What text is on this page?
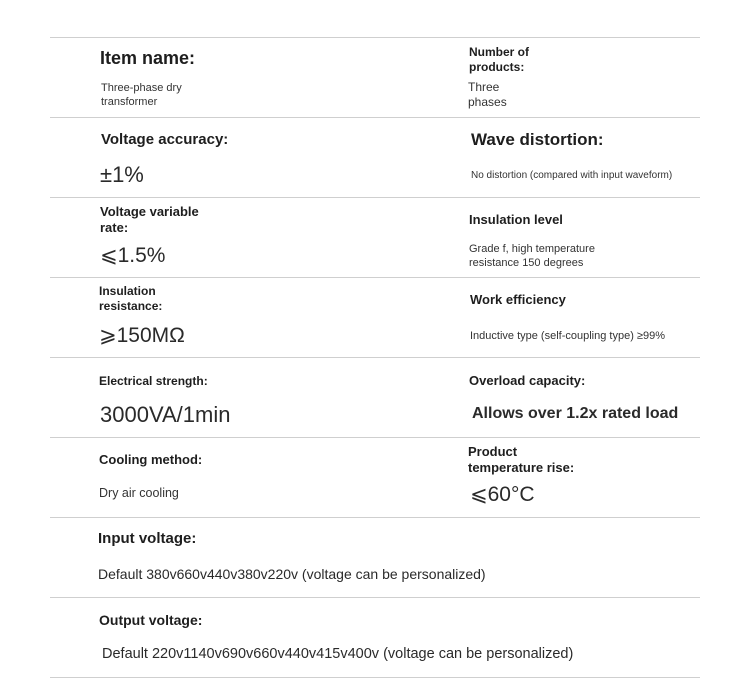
Item name:
Three-phase dry
transformer
Number of
products:
Three
phases
Voltage accuracy:
±1%
Wave distortion:
No distortion (compared with input waveform)
Voltage variable
rate:
⩽1.5%
Insulation level
Grade f, high temperature
resistance 150 degrees
Insulation
resistance:
⩾150MΩ
Work efficiency
Inductive type (self-coupling type) ≥99%
Electrical strength:
3000VA/1min
Overload capacity:
Allows over 1.2x rated load
Cooling method:
Dry air cooling
Product
temperature rise:
⩽60°C
Input voltage:
Default 380v660v440v380v220v (voltage can be personalized)
Output voltage:
Default 220v1140v690v660v440v415v400v (voltage can be personalized)
